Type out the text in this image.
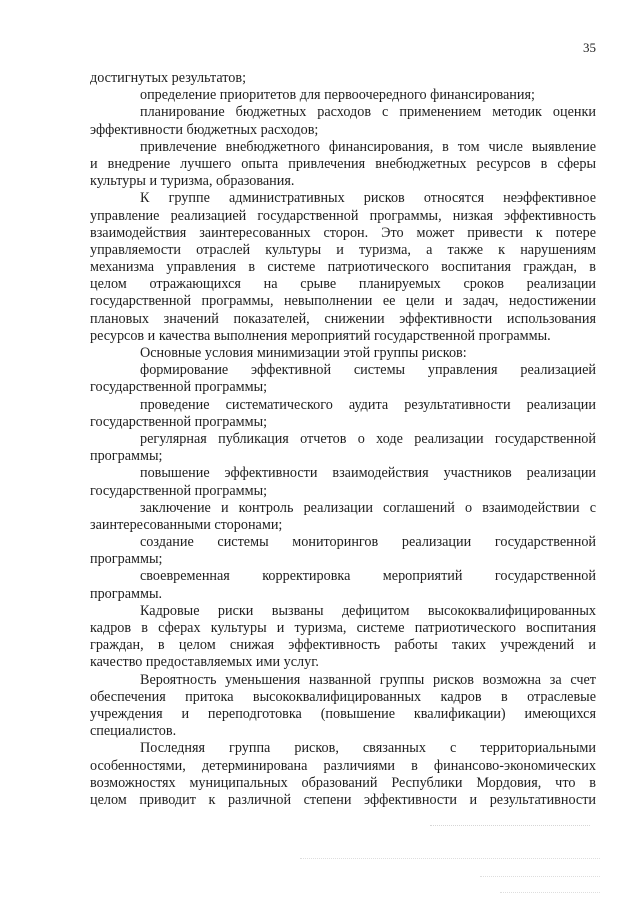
35
достигнутых результатов;
определение приоритетов для первоочередного финансирования;
планирование бюджетных расходов с применением методик оценки
эффективности бюджетных расходов;
привлечение внебюджетного финансирования, в том числе выявление
и внедрение лучшего опыта привлечения внебюджетных ресурсов в сферы
культуры и туризма, образования.
К группе административных рисков относятся неэффективное
управление реализацией государственной программы, низкая эффективность
взаимодействия заинтересованных сторон. Это может привести к потере
управляемости отраслей культуры и туризма, а также к нарушениям
механизма управления в системе патриотического воспитания граждан, в
целом отражающихся на срыве планируемых сроков реализации
государственной программы, невыполнении ее цели и задач, недостижении
плановых значений показателей, снижении эффективности использования
ресурсов и качества выполнения мероприятий государственной программы.
Основные условия минимизации этой группы рисков:
формирование эффективной системы управления реализацией
государственной программы;
проведение систематического аудита результативности реализации
государственной программы;
регулярная публикация отчетов о ходе реализации государственной
программы;
повышение эффективности взаимодействия участников реализации
государственной программы;
заключение и контроль реализации соглашений о взаимодействии с
заинтересованными сторонами;
создание системы мониторингов реализации государственной
программы;
своевременная корректировка мероприятий государственной
программы.
Кадровые риски вызваны дефицитом высококвалифицированных
кадров в сферах культуры и туризма, системе патриотического воспитания
граждан, в целом снижая эффективность работы таких учреждений и
качество предоставляемых ими услуг.
Вероятность уменьшения названной группы рисков возможна за счет
обеспечения притока высококвалифицированных кадров в отраслевые
учреждения и переподготовка (повышение квалификации) имеющихся
специалистов.
Последняя группа рисков, связанных с территориальными
особенностями, детерминирована различиями в финансово-экономических
возможностях муниципальных образований Республики Мордовия, что в
целом приводит к различной степени эффективности и результативности
